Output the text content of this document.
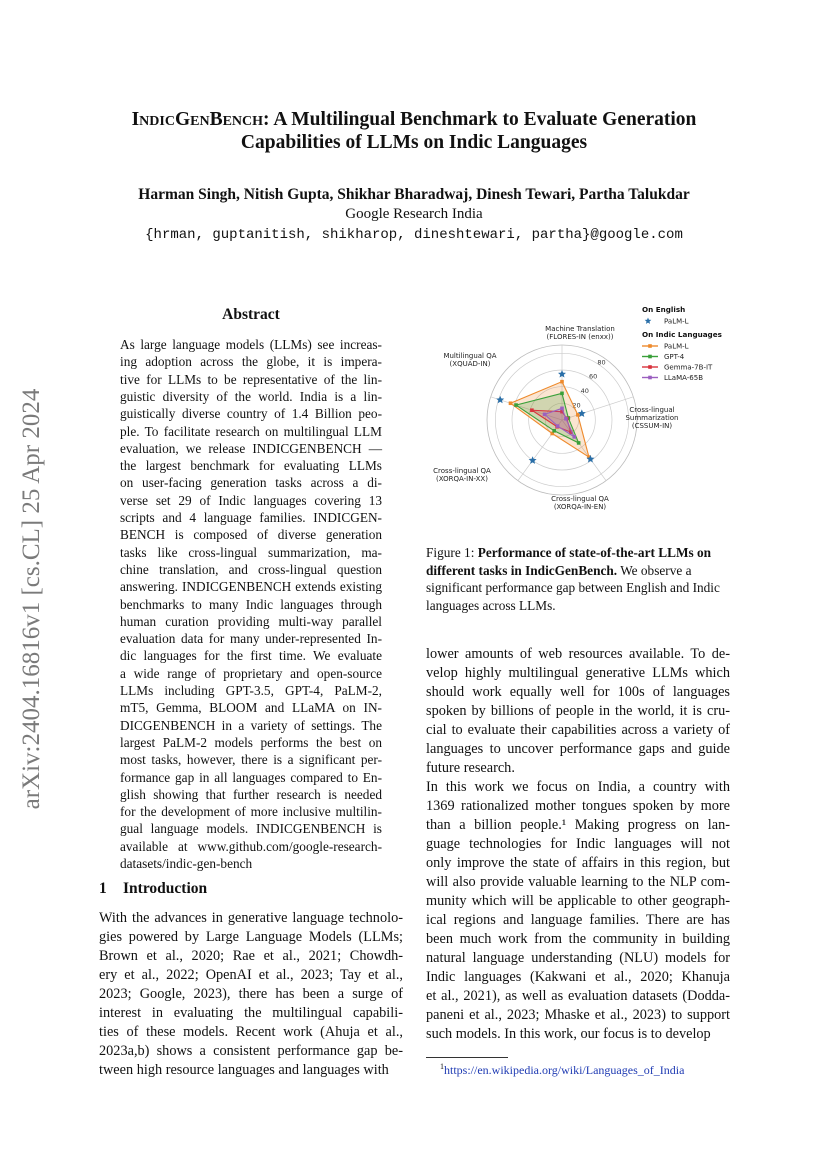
arXiv:2404.16816v1 [cs.CL] 25 Apr 2024
IndicGenBench: A Multilingual Benchmark to Evaluate Generation
Capabilities of LLMs on Indic Languages
Harman Singh, Nitish Gupta, Shikhar Bharadwaj, Dinesh Tewari, Partha Talukdar
Google Research India
{hrman, guptanitish, shikharop, dineshtewari, partha}@google.com
Abstract
As large language models (LLMs) see increas-
ing adoption across the globe, it is impera-
tive for LLMs to be representative of the lin-
guistic diversity of the world. India is a lin-
guistically diverse country of 1.4 Billion peo-
ple. To facilitate research on multilingual LLM
evaluation, we release INDICGENBENCH —
the largest benchmark for evaluating LLMs
on user-facing generation tasks across a di-
verse set 29 of Indic languages covering 13
scripts and 4 language families. INDICGEN-
BENCH is composed of diverse generation
tasks like cross-lingual summarization, ma-
chine translation, and cross-lingual question
answering. INDICGENBENCH extends existing
benchmarks to many Indic languages through
human curation providing multi-way parallel
evaluation data for many under-represented In-
dic languages for the first time. We evaluate
a wide range of proprietary and open-source
LLMs including GPT-3.5, GPT-4, PaLM-2,
mT5, Gemma, BLOOM and LLaMA on IN-
DICGENBENCH in a variety of settings. The
largest PaLM-2 models performs the best on
most tasks, however, there is a significant per-
formance gap in all languages compared to En-
glish showing that further research is needed
for the development of more inclusive multilin-
gual language models. INDICGENBENCH is
available at www.github.com/google-research-
datasets/indic-gen-bench
20
40
60
80
Machine Translation
(FLORES-IN (enxx))
Cross-lingual
Summarization
(CSSUM-IN)
Cross-lingual QA
(XORQA-IN-EN)
Cross-lingual QA
(XORQA-IN-XX)
Multilingual QA
(XQUAD-IN)
On English
PaLM-L
On Indic Languages
PaLM-L
GPT-4
Gemma-7B-IT
LLaMA-65B
Figure 1: Performance of state-of-the-art LLMs on different tasks in IndicGenBench. We observe a significant performance gap between English and Indic languages across LLMs.
1 Introduction
With the advances in generative language technolo-
gies powered by Large Language Models (LLMs;
Brown et al., 2020; Rae et al., 2021; Chowdh-
ery et al., 2022; OpenAI et al., 2023; Tay et al.,
2023; Google, 2023), there has been a surge of
interest in evaluating the multilingual capabili-
ties of these models. Recent work (Ahuja et al.,
2023a,b) shows a consistent performance gap be-
tween high resource languages and languages with
lower amounts of web resources available. To de-
velop highly multilingual generative LLMs which
should work equally well for 100s of languages
spoken by billions of people in the world, it is cru-
cial to evaluate their capabilities across a variety of
languages to uncover performance gaps and guide
future research.
In this work we focus on India, a country with
1369 rationalized mother tongues spoken by more
than a billion people.¹ Making progress on lan-
guage technologies for Indic languages will not
only improve the state of affairs in this region, but
will also provide valuable learning to the NLP com-
munity which will be applicable to other geograph-
ical regions and language families. There are has
been much work from the community in building
natural language understanding (NLU) models for
Indic languages (Kakwani et al., 2020; Khanuja
et al., 2021), as well as evaluation datasets (Dodda-
paneni et al., 2023; Mhaske et al., 2023) to support
such models. In this work, our focus is to develop
$^1$https://en.wikipedia.org/wiki/Languages_of_India
